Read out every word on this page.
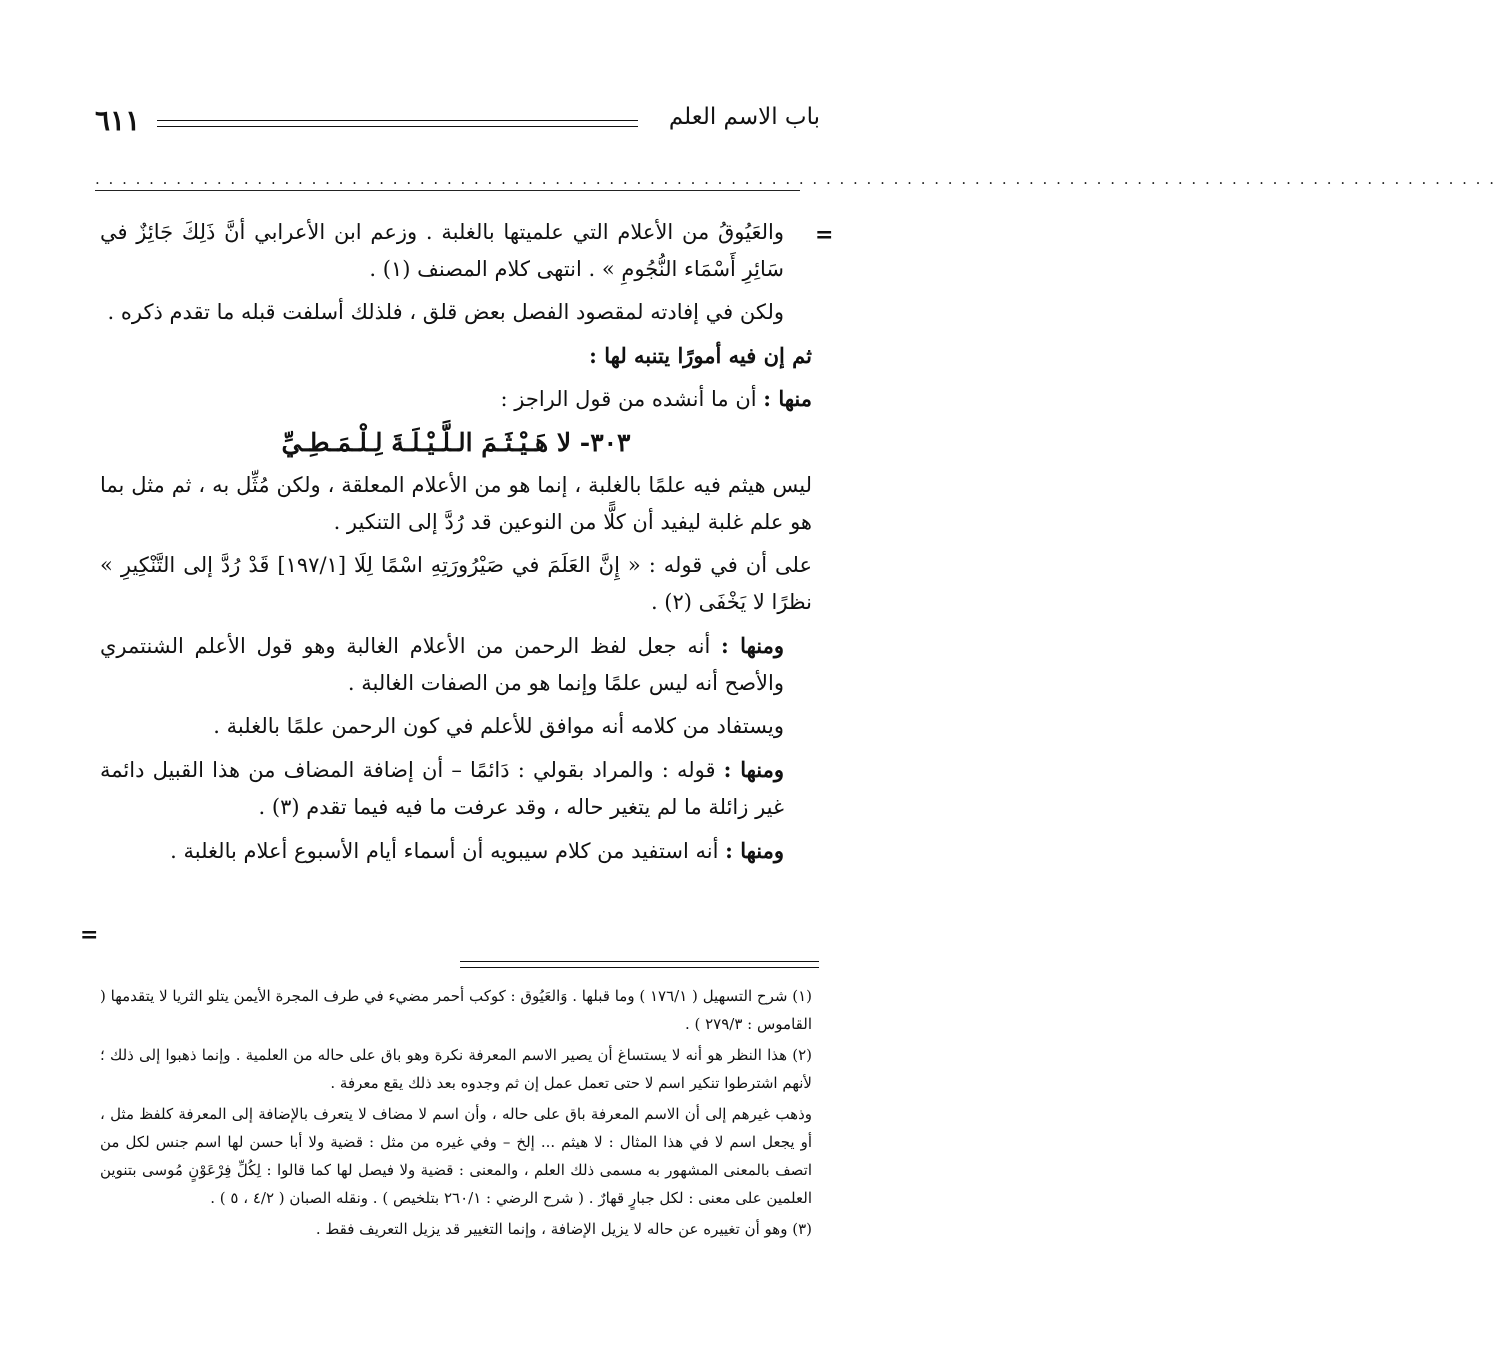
٦١١	باب الاسم العلم
. . . . . . . . . . . . . . . . . . . . . . . . . . . . . . . . . . . . . . . . . . . . . . . . . . . . . . . . . . . . . . . . . . . . . . . . . . . . . . . . . . . . . . . . . . . . . . . . . . . . . . . .
=

والعَيُوقُ من الأعلام التي علميتها بالغلبة . وزعم ابن الأعرابي أنَّ ذَلِكَ جَائِزٌ في سَائِرِ أَسْمَاء النُّجُومِ » . انتهى كلام المصنف (١) .

ولكن في إفادته لمقصود الفصل بعض قلق ، فلذلك أسلفت قبله ما تقدم ذكره .

ثم إن فيه أمورًا يتنبه لها :

منها : أن ما أنشده من قول الراجز :

٣٠٣- لا هَـيْـثَـمَ الـلَّـيْـلَـةَ لِـلْـمَـطِـيِّ

ليس هيثم فيه علمًا بالغلبة ، إنما هو من الأعلام المعلقة ، ولكن مُثِّل به ، ثم مثل بما هو علم غلبة ليفيد أن كلًّا من النوعين قد رُدَّ إلى التنكير .

على أن في قوله : « إِنَّ العَلَمَ في صَيْرُورَتِهِ اسْمًا لِلَا [١٩٧/١] قَدْ رُدَّ إلى التَّنْكِيرِ » نظرًا لا يَخْفَى (٢) .

ومنها : أنه جعل لفظ الرحمن من الأعلام الغالبة وهو قول الأعلم الشنتمري والأصح أنه ليس علمًا وإنما هو من الصفات الغالبة .

ويستفاد من كلامه أنه موافق للأعلم في كون الرحمن علمًا بالغلبة .

ومنها : قوله : والمراد بقولي : دَائمًا – أن إضافة المضاف من هذا القبيل دائمة غير زائلة ما لم يتغير حاله ، وقد عرفت ما فيه فيما تقدم (٣) .

ومنها : أنه استفيد من كلام سيبويه أن أسماء أيام الأسبوع أعلام بالغلبة .

=

(١) شرح التسهيل ( ١٧٦/١ ) وما قبلها . وَالعَيُوق : كوكب أحمر مضيء في طرف المجرة الأيمن يتلو الثريا لا يتقدمها ( القاموس : ٢٧٩/٣ ) .

(٢) هذا النظر هو أنه لا يستساغ أن يصير الاسم المعرفة نكرة وهو باق على حاله من العلمية . وإنما ذهبوا إلى ذلك ؛ لأنهم اشترطوا تنكير اسم لا حتى تعمل عمل إن ثم وجدوه بعد ذلك يقع معرفة .

وذهب غيرهم إلى أن الاسم المعرفة باق على حاله ، وأن اسم لا مضاف لا يتعرف بالإضافة إلى المعرفة كلفظ مثل ، أو يجعل اسم لا في هذا المثال : لا هيثم ... إلخ – وفي غيره من مثل : قضية ولا أبا حسن لها اسم جنس لكل من اتصف بالمعنى المشهور به مسمى ذلك العلم ، والمعنى : قضية ولا فيصل لها كما قالوا : لِكُلِّ فِرْعَوْنٍ مُوسى بتنوين العلمين على معنى : لكل جبارٍ قهارٌ . ( شرح الرضي : ٢٦٠/١ بتلخيص ) . ونقله الصبان ( ٤/٢ ، ٥ ) .

(٣) وهو أن تغييره عن حاله لا يزيل الإضافة ، وإنما التغيير قد يزيل التعريف فقط .
